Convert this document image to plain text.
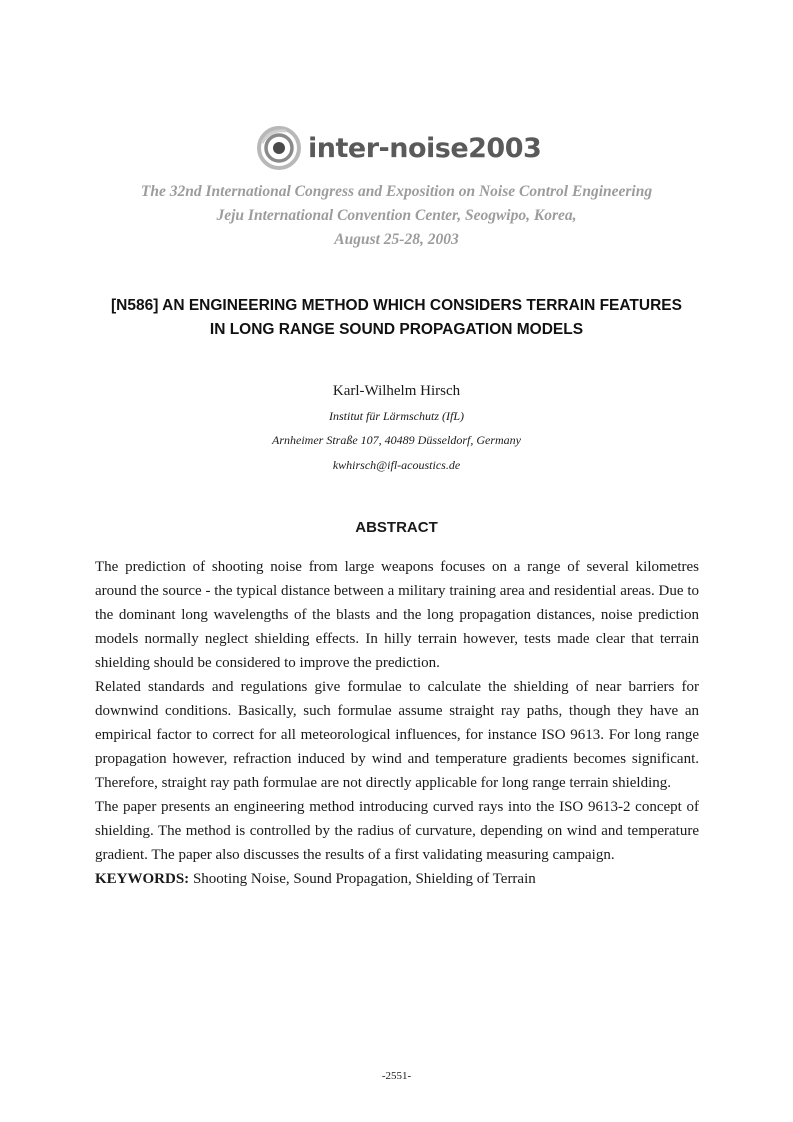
inter-noise2003
The 32nd International Congress and Exposition on Noise Control Engineering
Jeju International Convention Center, Seogwipo, Korea,
August 25-28, 2003
[N586] AN ENGINEERING METHOD WHICH CONSIDERS TERRAIN FEATURES
IN LONG RANGE SOUND PROPAGATION MODELS
Karl-Wilhelm Hirsch
Institut für Lärmschutz (IfL)
Arnheimer Straße 107, 40489 Düsseldorf, Germany
kwhirsch@ifl-acoustics.de
ABSTRACT

The prediction of shooting noise from large weapons focuses on a range of several kilometres around the source - the typical distance between a military training area and residential areas. Due to the dominant long wavelengths of the blasts and the long propagation distances, noise prediction models normally neglect shielding effects. In hilly terrain however, tests made clear that terrain shielding should be considered to improve the prediction.

Related standards and regulations give formulae to calculate the shielding of near barriers for downwind conditions. Basically, such formulae assume straight ray paths, though they have an empirical factor to correct for all meteorological influences, for instance ISO 9613. For long range propagation however, refraction induced by wind and temperature gradients becomes significant. Therefore, straight ray path formulae are not directly applicable for long range terrain shielding.

The paper presents an engineering method introducing curved rays into the ISO 9613-2 concept of shielding. The method is controlled by the radius of curvature, depending on wind and temperature gradient. The paper also discusses the results of a first validating measuring campaign.

KEYWORDS: Shooting Noise, Sound Propagation, Shielding of Terrain

-2551-
